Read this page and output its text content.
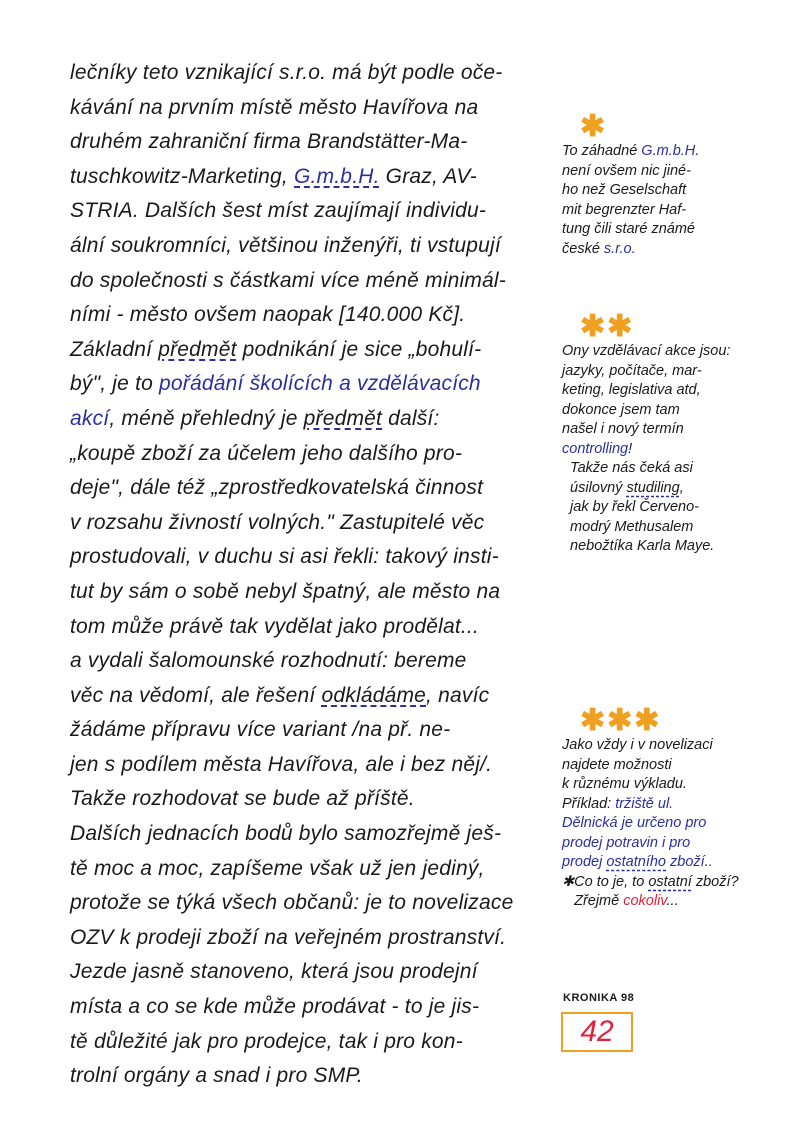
lečníky teto vznikající s.r.o. má být podle oče-
kávání na prvním místě město Havířova na
druhém zahraniční firma Brandstätter-Ma-
tuschkowitz-Marketing, G.m.b.H. Graz, AV-
STRIA. Dalších šest míst zaujímají individu-
ální soukromníci, většinou inženýři, ti vstupují
do společnosti s částkami více méně minimál-
ními - město ovšem naopak [140.000 Kč].
Základní předmět podnikání je sice „bohulí-
bý", je to pořádání školících a vzdělávacích
akcí, méně přehledný je předmět další:
„koupě zboží za účelem jeho dalšího pro-
deje", dále též „zprostředkovatelská činnost
v rozsahu živností volných." Zastupitelé věc
prostudovali, v duchu si asi řekli: takový insti-
tut by sám o sobě nebyl špatný, ale město na
tom může právě tak vydělat jako prodělat...
a vydali šalomounské rozhodnutí: bereme
věc na vědomí, ale řešení odkládáme, navíc
žádáme přípravu více variant /na př. ne-
jen s podílem města Havířova, ale i bez něj/.
Takže rozhodovat se bude až příště.
Dalších jednacích bodů bylo samozřejmě ješ-
tě moc a moc, zapíšeme však už jen jediný,
protože se týká všech občanů: je to novelizace
OZV k prodeji zboží na veřejném prostranství.
Jezde jasně stanoveno, která jsou prodejní
místa a co se kde může prodávat - to je jis-
tě důležité jak pro prodejce, tak i pro kon-
trolní orgány a snad i pro SMP.
✱
To záhadné G.m.b.H.
není ovšem nic jiné-
ho než Geselschaft
mit begrenzter Haf-
tung čili staré známé
české s.r.o.
✱✱
Ony vzdělávací akce jsou:
jazyky, počítače, mar-
keting, legislativa atd,
dokonce jsem tam
našel i nový termín
controlling!
Takže nás čeká asi
úsilovný studiling,
jak by řekl Červeno-
modrý Methusalem
nebožtíka Karla Maye.
✱✱✱
Jako vždy i v novelizaci
najdete možnosti
k různému výkladu.
Příklad: tržiště ul.
Dělnická je určeno pro
prodej potravin i pro
prodej ostatního zboží..
✱Co to je, to ostatní zboží?
Zřejmě cokoliv...
KRONIKA 98
42
